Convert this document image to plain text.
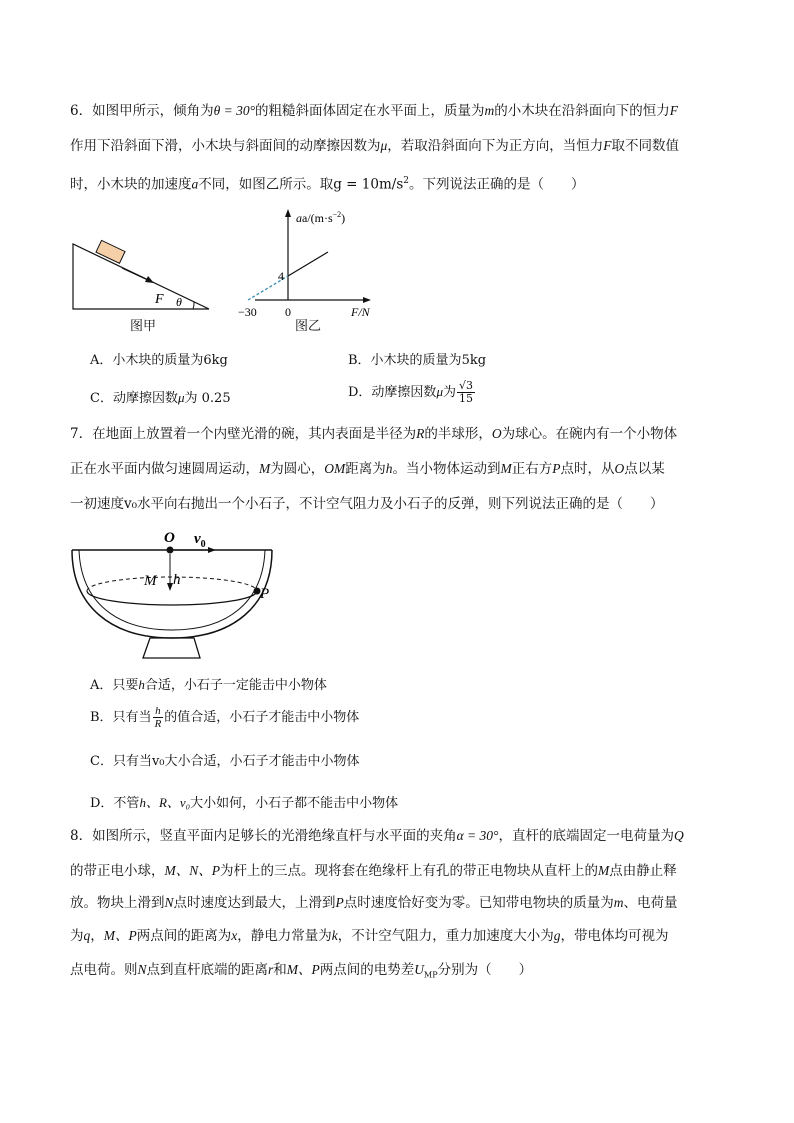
6．如图甲所示，倾角为θ = 30°的粗糙斜面体固定在水平面上，质量为m的小木块在沿斜面向下的恒力F
作用下沿斜面下滑，小木块与斜面间的动摩擦因数为μ，若取沿斜面向下为正方向，当恒力F取不同数值
时，小木块的加速度a不同，如图乙所示。取$g = 10m/s^2$。下列说法正确的是（　　）
F θ
图甲
$aa/(m\cdot s^{-2})$
4
−30 0	F/N
图乙
A．小木块的质量为6kg	B．小木块的质量为5kg
C．动摩擦因数μ为 0.25	D．动摩擦因数μ为 $\frac{√3}{15}$
7．在地面上放置着一个内壁光滑的碗，其内表面是半径为R的半球形，O为球心。在碗内有一个小物体
正在水平面内做匀速圆周运动，M为圆心，OM距离为h。当小物体运动到M正右方P点时，从O点以某
一初速度v₀水平向右抛出一个小石子，不计空气阻力及小石子的反弹，则下列说法正确的是（　　）
O $v_0$
M h
P
A．只要h合适，小石子一定能击中小物体
B．只有当 $\frac{h}{R}$ 的值合适，小石子才能击中小物体
C．只有当v₀大小合适，小石子才能击中小物体
D．不管h、R、v₀大小如何，小石子都不能击中小物体
8．如图所示，竖直平面内足够长的光滑绝缘直杆与水平面的夹角α = 30°，直杆的底端固定一电荷量为Q
的带正电小球，M、N、P为杆上的三点。现将套在绝缘杆上有孔的带正电物块从直杆上的M点由静止释
放。物块上滑到N点时速度达到最大，上滑到P点时速度恰好变为零。已知带电物块的质量为m、电荷量
为q，M、P两点间的距离为x，静电力常量为k，不计空气阻力，重力加速度大小为g，带电体均可视为
点电荷。则N点到直杆底端的距离r和M、P两点间的电势差$U_{MP}$分别为（　　）
